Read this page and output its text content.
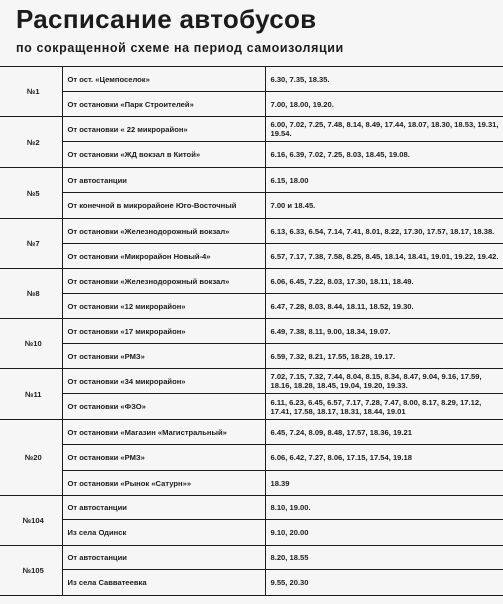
Расписание автобусов
по сокращенной схеме на период самоизоляции
№1	От ост. «Цемпоселок»	6.30, 7.35, 18.35.
	От остановки «Парк Строителей»	7.00, 18.00, 19.20.
№2	От остановки « 22 микрорайон»	6.00, 7.02, 7.25, 7.48, 8.14, 8.49, 17.44, 18.07, 18.30, 18.53, 19.31, 19.54.
	От остановки «ЖД вокзал в Китой»	6.16, 6.39, 7.02, 7.25, 8.03, 18.45, 19.08.
№5	От автостанции	6.15, 18.00
	От конечной в микрорайоне Юго-Восточный	7.00 и 18.45.
№7	От остановки «Железнодорожный вокзал»	6.13, 6.33, 6.54, 7.14, 7.41, 8.01, 8.22, 17.30, 17.57, 18.17, 18.38.
	От остановки «Микрорайон Новый-4»	6.57, 7.17, 7.38, 7.58, 8.25, 8.45, 18.14, 18.41, 19.01, 19.22, 19.42.
№8	От остановки «Железнодорожный вокзал»	6.06, 6.45, 7.22, 8.03, 17.30, 18.11, 18.49.
	От остановки «12 микрорайон»	6.47, 7.28, 8.03, 8.44, 18.11, 18.52, 19.30.
№10	От остановки «17 микрорайон»	6.49, 7.38, 8.11, 9.00, 18.34, 19.07.
	От остановки «РМЗ»	6.59, 7.32, 8.21, 17.55, 18.28, 19.17.
№11	От остановки «34 микрорайон»	7.02, 7.15, 7.32, 7.44, 8.04, 8.15, 8.34, 8.47, 9.04, 9.16, 17.59, 18.16, 18.28, 18.45, 19.04, 19.20, 19.33.
	От остановки «ФЗО»	6.11, 6.23, 6.45, 6.57, 7.17, 7.28, 7.47, 8.00, 8.17, 8.29, 17.12, 17.41, 17.58, 18.17, 18.31, 18.44, 19.01
№20	От остановки «Магазин «Магистральный»	6.45, 7.24, 8.09, 8.48, 17.57, 18.36, 19.21
	От остановки «РМЗ»	6.06, 6.42, 7.27, 8.06, 17.15, 17.54, 19.18
	От остановки «Рынок «Сатурн»»	18.39
№104	От автостанции	8.10, 19.00.
	Из села Одинск	9.10, 20.00
№105	От автостанции	8.20, 18.55
	Из села Савватеевка	9.55, 20.30
